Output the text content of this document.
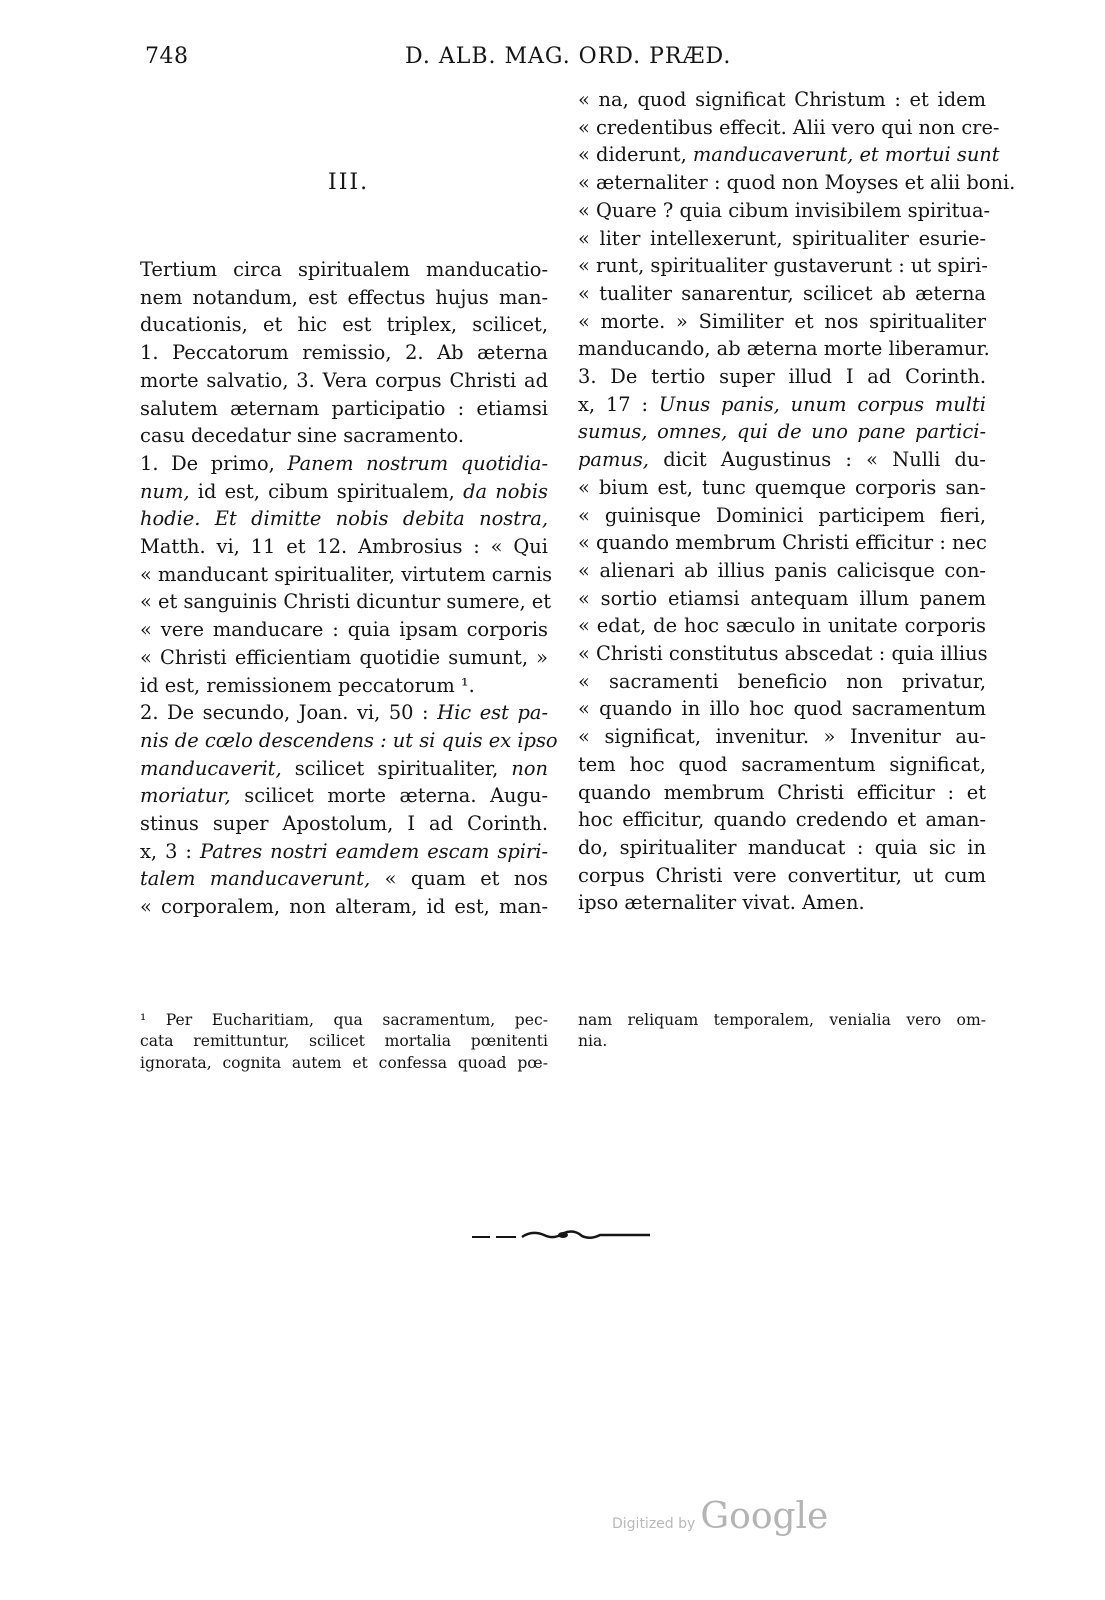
748	D. ALB. MAG. ORD. PRÆD.
III.
Tertium circa spiritualem manducatio-
nem notandum, est effectus hujus man-
ducationis, et hic est triplex, scilicet,
1. Peccatorum remissio, 2. Ab æterna
morte salvatio, 3. Vera corpus Christi ad
salutem æternam participatio : etiamsi
casu decedatur sine sacramento.
1. De primo, Panem nostrum quotidia-
num, id est, cibum spiritualem, da nobis
hodie. Et dimitte nobis debita nostra,
Matth. vi, 11 et 12. Ambrosius : « Qui
« manducant spiritualiter, virtutem carnis
« et sanguinis Christi dicuntur sumere, et
« vere manducare : quia ipsam corporis
« Christi efficientiam quotidie sumunt, »
id est, remissionem peccatorum ¹.
2. De secundo, Joan. vi, 50 : Hic est pa-
nis de cœlo descendens : ut si quis ex ipso
manducaverit, scilicet spiritualiter, non
moriatur, scilicet morte æterna. Augu-
stinus super Apostolum, I ad Corinth.
x, 3 : Patres nostri eamdem escam spiri-
talem manducaverunt, « quam et nos
« corporalem, non alteram, id est, man-
« na, quod significat Christum : et idem
« credentibus effecit. Alii vero qui non cre-
« diderunt, manducaverunt, et mortui sunt
« æternaliter : quod non Moyses et alii boni.
« Quare ? quia cibum invisibilem spiritua-
« liter intellexerunt, spiritualiter esurie-
« runt, spiritualiter gustaverunt : ut spiri-
« tualiter sanarentur, scilicet ab æterna
« morte. » Similiter et nos spiritualiter
manducando, ab æterna morte liberamur.
3. De tertio super illud I ad Corinth.
x, 17 : Unus panis, unum corpus multi
sumus, omnes, qui de uno pane partici-
pamus, dicit Augustinus : « Nulli du-
« bium est, tunc quemque corporis san-
« guinisque Dominici participem fieri,
« quando membrum Christi efficitur : nec
« alienari ab illius panis calicisque con-
« sortio etiamsi antequam illum panem
« edat, de hoc sæculo in unitate corporis
« Christi constitutus abscedat : quia illius
« sacramenti beneficio non privatur,
« quando in illo hoc quod sacramentum
« significat, invenitur. » Invenitur au-
tem hoc quod sacramentum significat,
quando membrum Christi efficitur : et
hoc efficitur, quando credendo et aman-
do, spiritualiter manducat : quia sic in
corpus Christi vere convertitur, ut cum
ipso æternaliter vivat. Amen.
¹ Per Eucharitiam, qua sacramentum, pec-
cata remittuntur, scilicet mortalia pœnitenti
ignorata, cognita autem et confessa quoad pœ-
nam reliquam temporalem, venialia vero om-
nia.
Digitized by Google
